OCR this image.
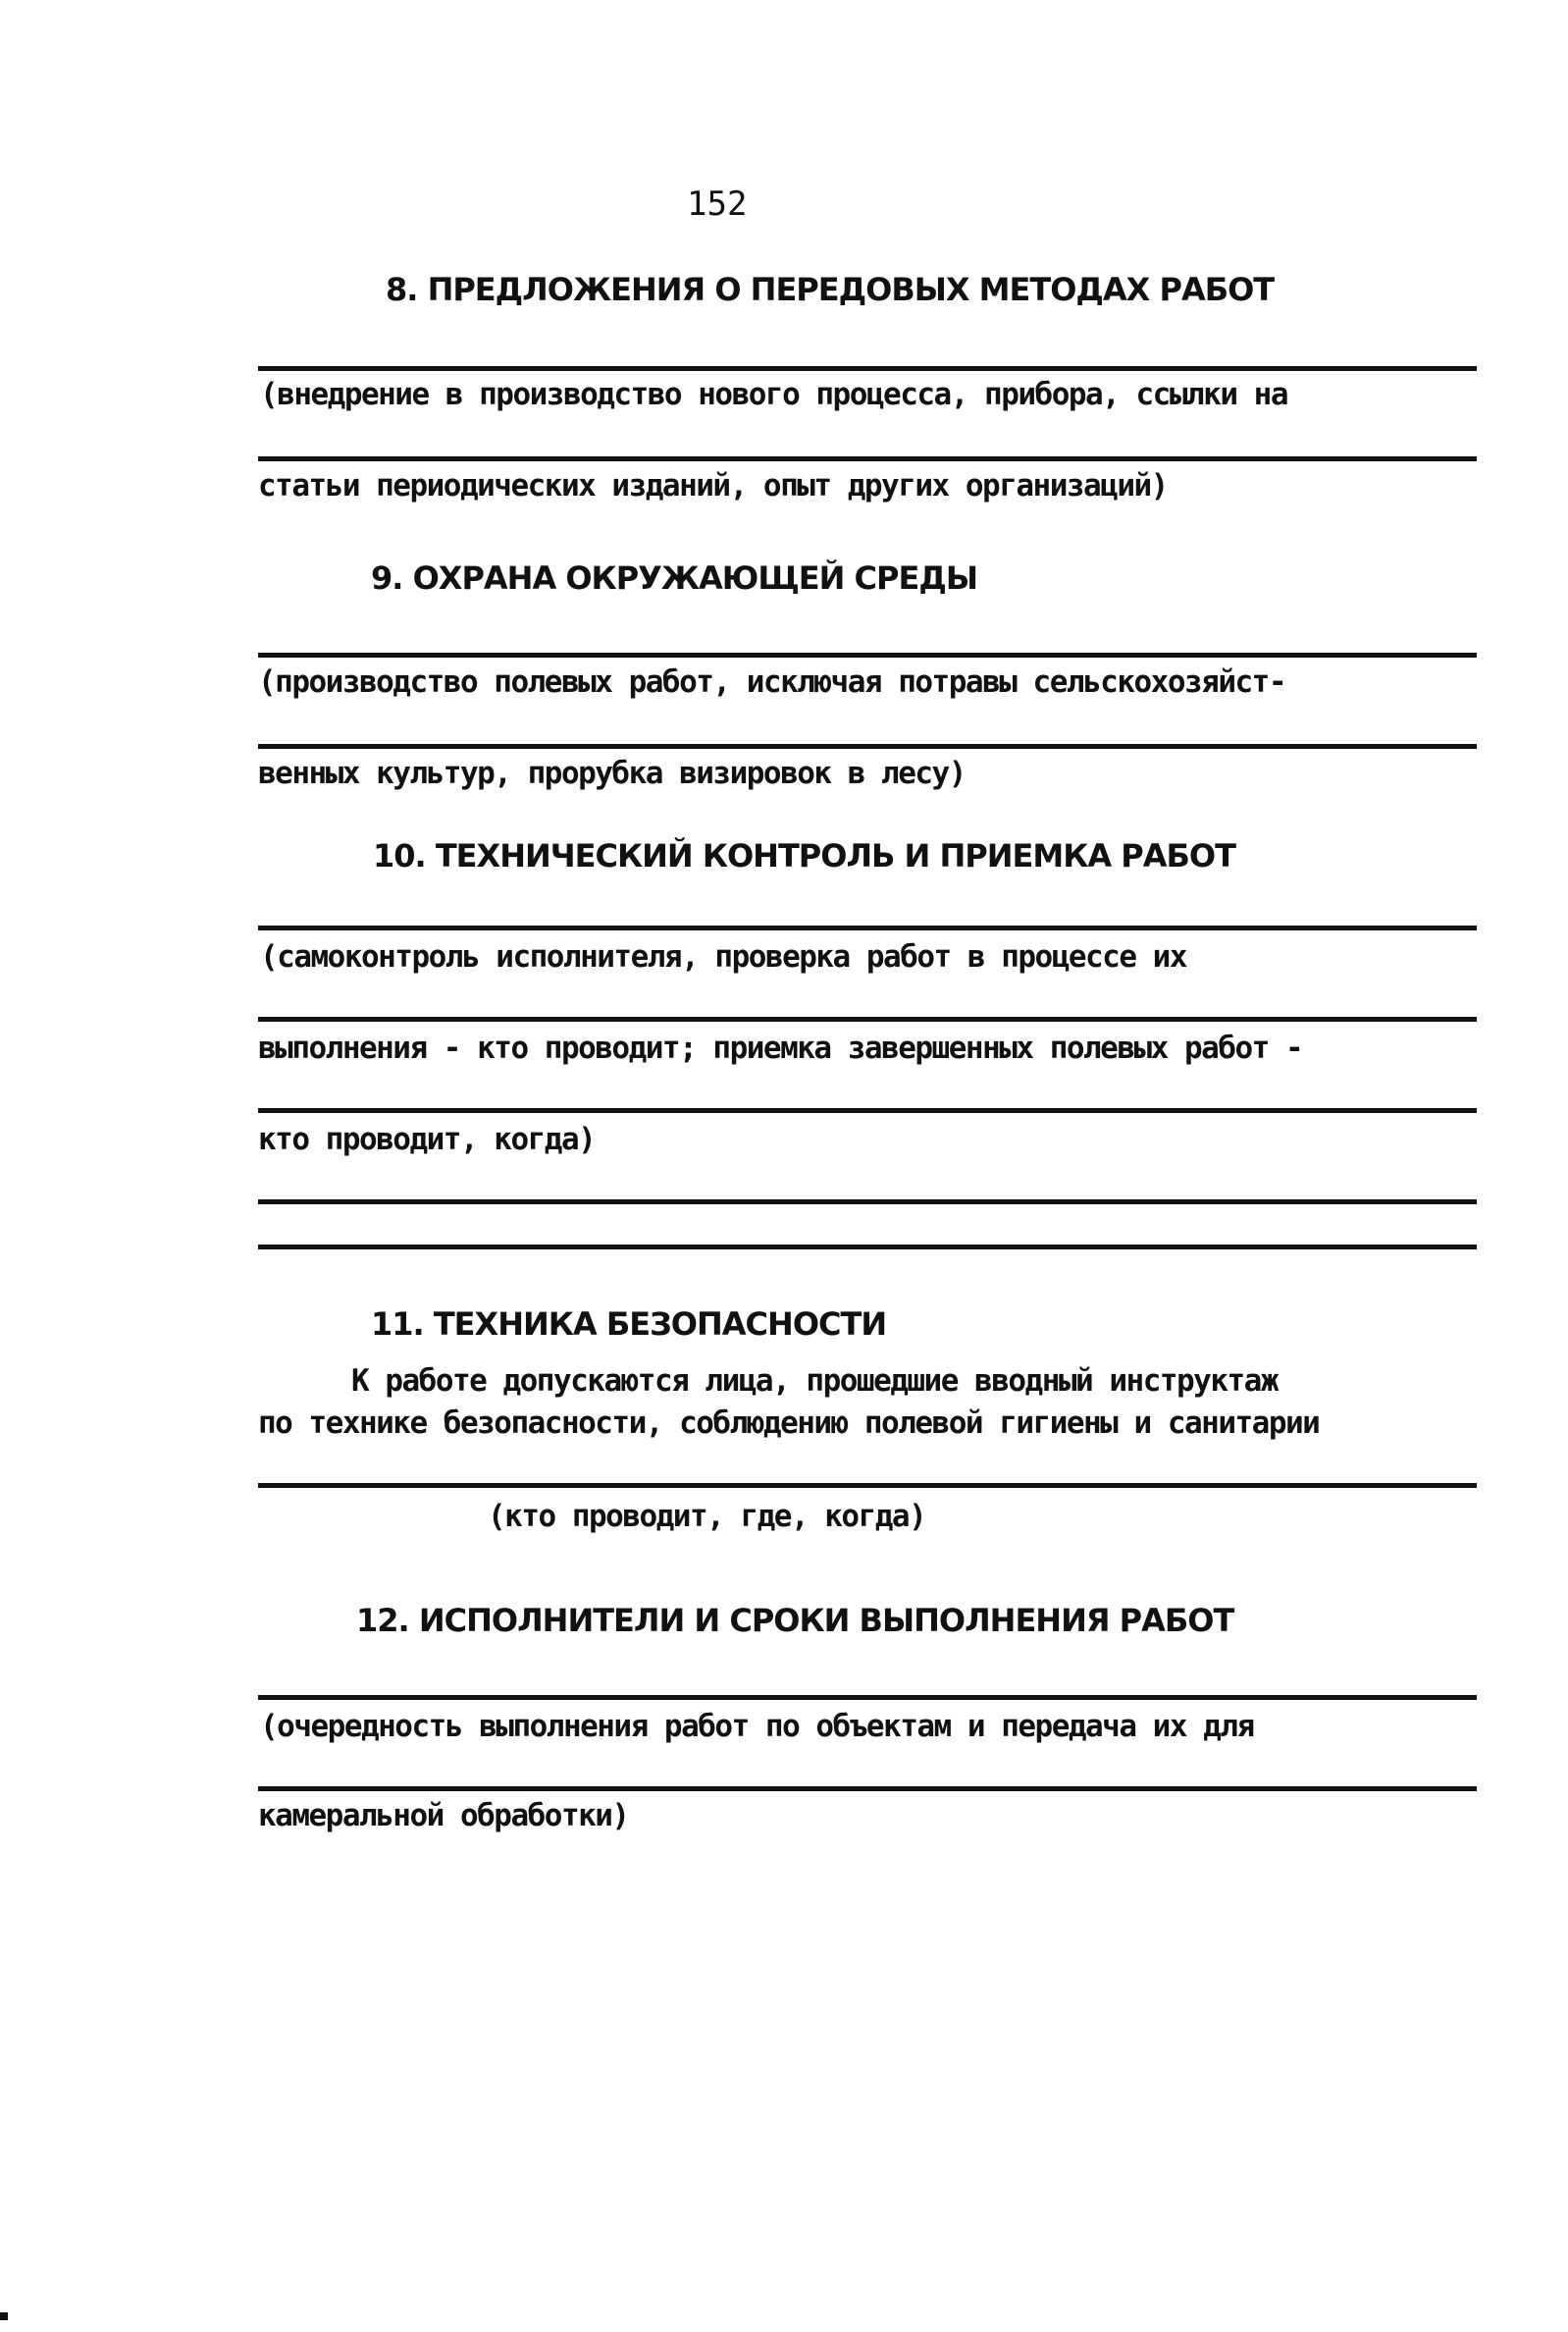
152
8. ПРЕДЛОЖЕНИЯ О ПЕРЕДОВЫХ МЕТОДАХ РАБОТ
(внедрение в производство нового процесса, прибора, ссылки на
статьи периодических изданий, опыт других организаций)
9. ОХРАНА ОКРУЖАЮЩЕЙ СРЕДЫ
(производство полевых работ, исключая потравы сельскохозяйст-
венных культур, прорубка визировок в лесу)
10. ТЕХНИЧЕСКИЙ КОНТРОЛЬ И ПРИЕМКА РАБОТ
(самоконтроль исполнителя, проверка работ в процессе их
выполнения - кто проводит; приемка завершенных полевых работ -
кто проводит, когда)
11. ТЕХНИКА БЕЗОПАСНОСТИ
К работе допускаются лица, прошедшие вводный инструктаж
по технике безопасности, соблюдению полевой гигиены и санитарии
(кто проводит, где, когда)
12. ИСПОЛНИТЕЛИ И СРОКИ ВЫПОЛНЕНИЯ РАБОТ
(очередность выполнения работ по объектам и передача их для
камеральной обработки)
